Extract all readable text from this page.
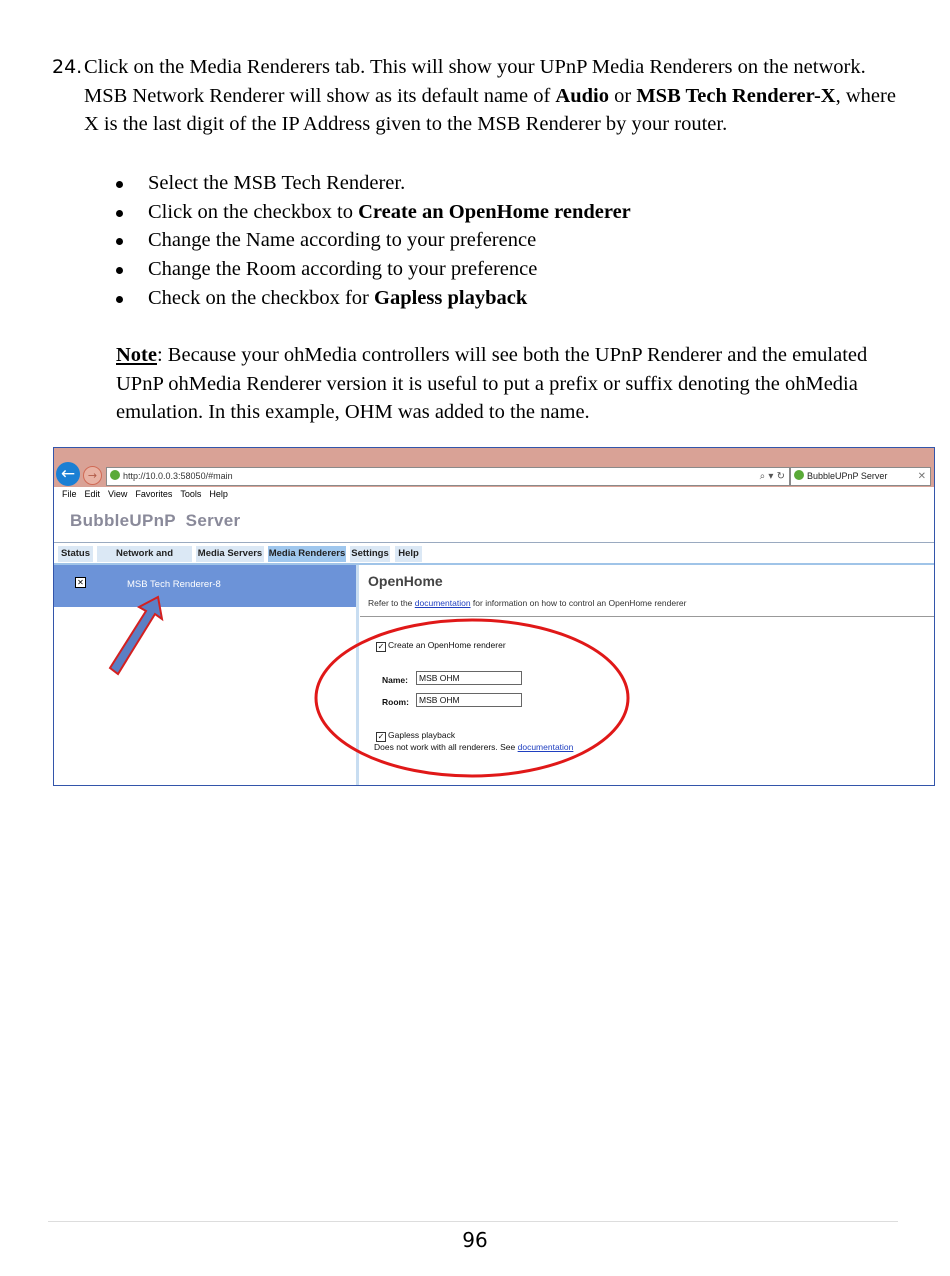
24. Click on the Media Renderers tab. This will show your UPnP Media Renderers on the network. MSB Network Renderer will show as its default name of Audio or MSB Tech Renderer-X, where X is the last digit of the IP Address given to the MSB Renderer by your router.
Select the MSB Tech Renderer.
Click on the checkbox to Create an OpenHome renderer
Change the Name according to your preference
Change the Room according to your preference
Check on the checkbox for Gapless playback
Note: Because your ohMedia controllers will see both the UPnP Renderer and the emulated UPnP ohMedia Renderer version it is useful to put a prefix or suffix denoting the ohMedia emulation. In this example, OHM was added to the name.
←	→	http://10.0.0.3:58050/#main	⌕ ▾ ↻	BubbleUPnP Server	✕
File Edit View Favorites Tools Help
BubbleUPnP  Server
Status	Network and	Media Servers Media Renderers Settings Help
✕	MSB Tech Renderer-8	OpenHome
Refer to the documentation for information on how to control an OpenHome renderer
✓ Create an OpenHome renderer
Name:	MSB OHM
Room:	MSB OHM
✓ Gapless playback
Does not work with all renderers. See documentation
96
